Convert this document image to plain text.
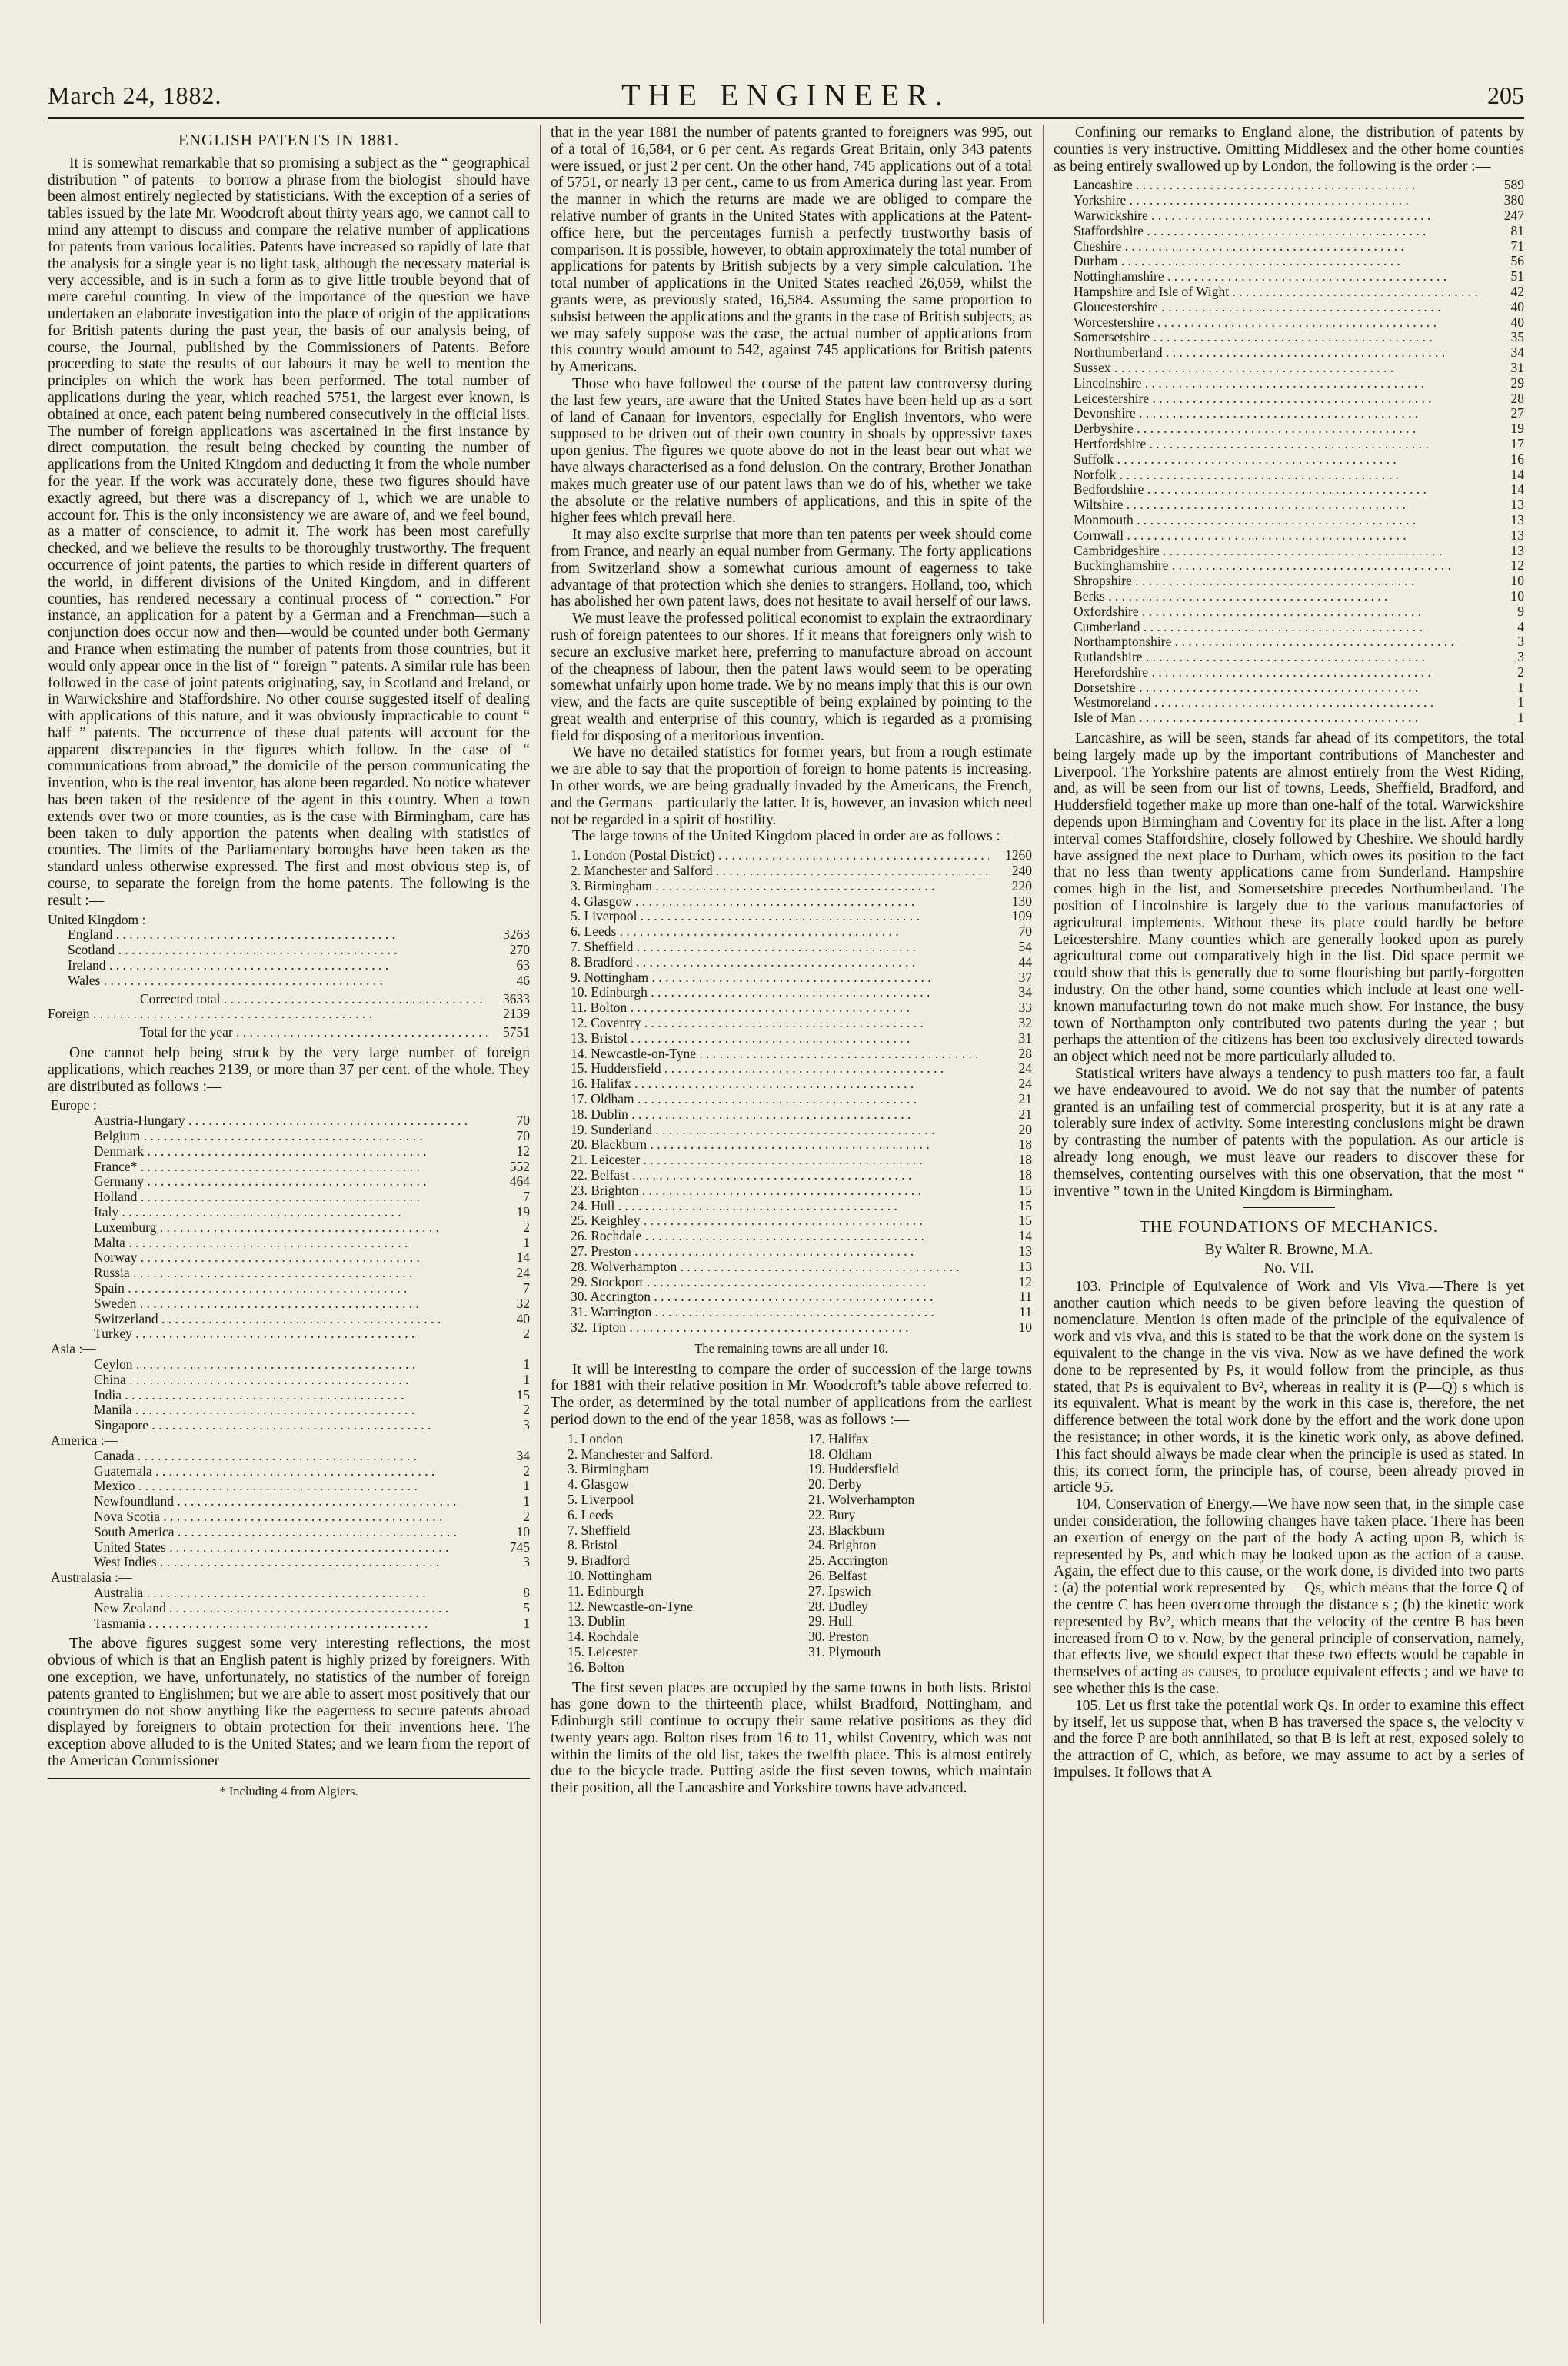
March 24, 1882.	THE ENGINEER.	205
ENGLISH PATENTS IN 1881.

It is somewhat remarkable that so promising a subject as the “ geographical distribution ” of patents—to borrow a phrase from the biologist—should have been almost entirely neglected by statisticians. With the exception of a series of tables issued by the late Mr. Woodcroft about thirty years ago, we cannot call to mind any attempt to discuss and compare the relative number of applications for patents from various localities. Patents have increased so rapidly of late that the analysis for a single year is no light task, although the necessary material is very accessible, and is in such a form as to give little trouble beyond that of mere careful counting. In view of the importance of the question we have undertaken an elaborate investigation into the place of origin of the applications for British patents during the past year, the basis of our analysis being, of course, the Journal, published by the Commissioners of Patents. Before proceeding to state the results of our labours it may be well to mention the principles on which the work has been performed. The total number of applications during the year, which reached 5751, the largest ever known, is obtained at once, each patent being numbered consecutively in the official lists. The number of foreign applications was ascertained in the first instance by direct computation, the result being checked by counting the number of applications from the United Kingdom and deducting it from the whole number for the year. If the work was accurately done, these two figures should have exactly agreed, but there was a discrepancy of 1, which we are unable to account for. This is the only inconsistency we are aware of, and we feel bound, as a matter of conscience, to admit it. The work has been most carefully checked, and we believe the results to be thoroughly trustworthy. The frequent occurrence of joint patents, the parties to which reside in different quarters of the world, in different divisions of the United Kingdom, and in different counties, has rendered necessary a continual process of “ correction.” For instance, an application for a patent by a German and a Frenchman—such a conjunction does occur now and then—would be counted under both Germany and France when estimating the number of patents from those countries, but it would only appear once in the list of “ foreign ” patents. A similar rule has been followed in the case of joint patents originating, say, in Scotland and Ireland, or in Warwickshire and Staffordshire. No other course suggested itself of dealing with applications of this nature, and it was obviously impracticable to count “ half ” patents. The occurrence of these dual patents will account for the apparent discrepancies in the figures which follow. In the case of “ communications from abroad,” the domicile of the person communicating the invention, who is the real inventor, has alone been regarded. No notice whatever has been taken of the residence of the agent in this country. When a town extends over two or more counties, as is the case with Birmingham, care has been taken to duly apportion the patents when dealing with statistics of counties. The limits of the Parliamentary boroughs have been taken as the standard unless otherwise expressed. The first and most obvious step is, of course, to separate the foreign from the home patents. The following is the result :—

United Kingdom :
England . . .	3263
Scotland . . .	270
Ireland . . .	63
Wales . . .	46
Corrected total . . .	3633
Foreign . . .	2139
Total for the year . . .	5751

One cannot help being struck by the very large number of foreign applications, which reaches 2139, or more than 37 per cent. of the whole. They are distributed as follows :—

Europe :—
Austria-Hungary . . .	70
Belgium . . .	70
Denmark . . .	12
France* . . .	552
Germany . . .	464
Holland . . .	7
Italy . . .	19
Luxemburg . . .	2
Malta . . .	1
Norway . . .	14
Russia . . .	24
Spain . . .	7
Sweden . . .	32
Switzerland . . .	40
Turkey . . .	2
Asia :—
Ceylon . . .	1
China . . .	1
India . . .	15
Manila . . .	2
Singapore . . .	3
America :—
Canada . . .	34
Guatemala . . .	2
Mexico . . .	1
Newfoundland . . .	1
Nova Scotia . . .	2
South America . . .	10
United States . . .	745
West Indies . . .	3
Australasia :—
Australia . . .	8
New Zealand . . .	5
Tasmania . . .	1

The above figures suggest some very interesting reflections, the most obvious of which is that an English patent is highly prized by foreigners. With one exception, we have, unfortunately, no statistics of the number of foreign patents granted to Englishmen; but we are able to assert most positively that our countrymen do not show anything like the eagerness to secure patents abroad displayed by foreigners to obtain protection for their inventions here. The exception above alluded to is the United States; and we learn from the report of the American Commissioner

* Including 4 from Algiers.

that in the year 1881 the number of patents granted to foreigners was 995, out of a total of 16,584, or 6 per cent. As regards Great Britain, only 343 patents were issued, or just 2 per cent. On the other hand, 745 applications out of a total of 5751, or nearly 13 per cent., came to us from America during last year. From the manner in which the returns are made we are obliged to compare the relative number of grants in the United States with applications at the Patent-office here, but the percentages furnish a perfectly trustworthy basis of comparison. It is possible, however, to obtain approximately the total number of applications for patents by British subjects by a very simple calculation. The total number of applications in the United States reached 26,059, whilst the grants were, as previously stated, 16,584. Assuming the same proportion to subsist between the applications and the grants in the case of British subjects, as we may safely suppose was the case, the actual number of applications from this country would amount to 542, against 745 applications for British patents by Americans.

Those who have followed the course of the patent law controversy during the last few years, are aware that the United States have been held up as a sort of land of Canaan for inventors, especially for English inventors, who were supposed to be driven out of their own country in shoals by oppressive taxes upon genius. The figures we quote above do not in the least bear out what we have always characterised as a fond delusion. On the contrary, Brother Jonathan makes much greater use of our patent laws than we do of his, whether we take the absolute or the relative numbers of applications, and this in spite of the higher fees which prevail here.

It may also excite surprise that more than ten patents per week should come from France, and nearly an equal number from Germany. The forty applications from Switzerland show a somewhat curious amount of eagerness to take advantage of that protection which she denies to strangers. Holland, too, which has abolished her own patent laws, does not hesitate to avail herself of our laws.

We must leave the professed political economist to explain the extraordinary rush of foreign patentees to our shores. If it means that foreigners only wish to secure an exclusive market here, preferring to manufacture abroad on account of the cheapness of labour, then the patent laws would seem to be operating somewhat unfairly upon home trade. We by no means imply that this is our own view, and the facts are quite susceptible of being explained by pointing to the great wealth and enterprise of this country, which is regarded as a promising field for disposing of a meritorious invention.

We have no detailed statistics for former years, but from a rough estimate we are able to say that the proportion of foreign to home patents is increasing. In other words, we are being gradually invaded by the Americans, the French, and the Germans—particularly the latter. It is, however, an invasion which need not be regarded in a spirit of hostility.

The large towns of the United Kingdom placed in order are as follows :—

1. London (Postal District) . . .	1260
2. Manchester and Salford . . .	240
3. Birmingham . . .	220
4. Glasgow . . .	130
5. Liverpool . . .	109
6. Leeds . . .	70
7. Sheffield . . .	54
8. Bradford . . .	44
9. Nottingham . . .	37
10. Edinburgh . . .	34
11. Bolton . . .	33
12. Coventry . . .	32
13. Bristol . . .	31
14. Newcastle-on-Tyne . . .	28
15. Huddersfield . . .	24
16. Halifax . . .	24
17. Oldham . . .	21
18. Dublin . . .	21
19. Sunderland . . .	20
20. Blackburn . . .	18
21. Leicester . . .	18
22. Belfast . . .	18
23. Brighton . . .	15
24. Hull . . .	15
25. Keighley . . .	15
26. Rochdale . . .	14
27. Preston . . .	13
28. Wolverhampton . . .	13
29. Stockport . . .	12
30. Accrington . . .	11
31. Warrington . . .	11
32. Tipton . . .	10
The remaining towns are all under 10.

It will be interesting to compare the order of succession of the large towns for 1881 with their relative position in Mr. Woodcroft’s table above referred to. The order, as determined by the total number of applications from the earliest period down to the end of the year 1858, was as follows :—

1. London
2. Manchester and Salford.
3. Birmingham
4. Glasgow
5. Liverpool
6. Leeds
7. Sheffield
8. Bristol
9. Bradford
10. Nottingham
11. Edinburgh
12. Newcastle-on-Tyne
13. Dublin
14. Rochdale
15. Leicester
16. Bolton
17. Halifax
18. Oldham
19. Huddersfield
20. Derby
21. Wolverhampton
22. Bury
23. Blackburn
24. Brighton
25. Accrington
26. Belfast
27. Ipswich
28. Dudley
29. Hull
30. Preston
31. Plymouth

The first seven places are occupied by the same towns in both lists. Bristol has gone down to the thirteenth place, whilst Bradford, Nottingham, and Edinburgh still continue to occupy their same relative positions as they did twenty years ago. Bolton rises from 16 to 11, whilst Coventry, which was not within the limits of the old list, takes the twelfth place. This is almost entirely due to the bicycle trade. Putting aside the first seven towns, which maintain their position, all the Lancashire and Yorkshire towns have advanced.

Confining our remarks to England alone, the distribution of patents by counties is very instructive. Omitting Middlesex and the other home counties as being entirely swallowed up by London, the following is the order :—

Lancashire . . .	589
Yorkshire . . .	380
Warwickshire . . .	247
Staffordshire . . .	81
Cheshire . . .	71
Durham . . .	56
Nottinghamshire . . .	51
Hampshire and Isle of Wight . . .	42
Gloucestershire . . .	40
Worcestershire . . .	40
Somersetshire . . .	35
Northumberland . . .	34
Sussex . . .	31
Lincolnshire . . .	29
Leicestershire . . .	28
Devonshire . . .	27
Derbyshire . . .	19
Hertfordshire . . .	17
Suffolk . . .	16
Norfolk . . .	14
Bedfordshire . . .	14
Wiltshire . . .	13
Monmouth . . .	13
Cornwall . . .	13
Cambridgeshire . . .	13
Buckinghamshire . . .	12
Shropshire . . .	10
Berks . . .	10
Oxfordshire . . .	9
Cumberland . . .	4
Northamptonshire . . .	3
Rutlandshire . . .	3
Herefordshire . . .	2
Dorsetshire . . .	1
Westmoreland . . .	1
Isle of Man . . .	1

Lancashire, as will be seen, stands far ahead of its competitors, the total being largely made up by the important contributions of Manchester and Liverpool. The Yorkshire patents are almost entirely from the West Riding, and, as will be seen from our list of towns, Leeds, Sheffield, Bradford, and Huddersfield together make up more than one-half of the total. Warwickshire depends upon Birmingham and Coventry for its place in the list. After a long interval comes Staffordshire, closely followed by Cheshire. We should hardly have assigned the next place to Durham, which owes its position to the fact that no less than twenty applications came from Sunderland. Hampshire comes high in the list, and Somersetshire precedes Northumberland. The position of Lincolnshire is largely due to the various manufactories of agricultural implements. Without these its place could hardly be before Leicestershire. Many counties which are generally looked upon as purely agricultural come out comparatively high in the list. Did space permit we could show that this is generally due to some flourishing but partly-forgotten industry. On the other hand, some counties which include at least one well-known manufacturing town do not make much show. For instance, the busy town of Northampton only contributed two patents during the year ; but perhaps the attention of the citizens has been too exclusively directed towards an object which need not be more particularly alluded to.

Statistical writers have always a tendency to push matters too far, a fault we have endeavoured to avoid. We do not say that the number of patents granted is an unfailing test of commercial prosperity, but it is at any rate a tolerably sure index of activity. Some interesting conclusions might be drawn by contrasting the number of patents with the population. As our article is already long enough, we must leave our readers to discover these for themselves, contenting ourselves with this one observation, that the most “ inventive ” town in the United Kingdom is Birmingham.

THE FOUNDATIONS OF MECHANICS.
By Walter R. Browne, M.A.
No. VII.

103. Principle of Equivalence of Work and Vis Viva.—There is yet another caution which needs to be given before leaving the question of nomenclature. Mention is often made of the principle of the equivalence of work and vis viva, and this is stated to be that the work done on the system is equivalent to the change in the vis viva. Now as we have defined the work done to be represented by Ps, it would follow from the principle, as thus stated, that Ps is equivalent to Bv², whereas in reality it is (P—Q) s which is its equivalent. What is meant by the work in this case is, therefore, the net difference between the total work done by the effort and the work done upon the resistance; in other words, it is the kinetic work only, as above defined. This fact should always be made clear when the principle is used as stated. In this, its correct form, the principle has, of course, been already proved in article 95.

104. Conservation of Energy.—We have now seen that, in the simple case under consideration, the following changes have taken place. There has been an exertion of energy on the part of the body A acting upon B, which is represented by Ps, and which may be looked upon as the action of a cause. Again, the effect due to this cause, or the work done, is divided into two parts : (a) the potential work represented by —Qs, which means that the force Q of the centre C has been overcome through the distance s ; (b) the kinetic work represented by Bv², which means that the velocity of the centre B has been increased from O to v. Now, by the general principle of conservation, namely, that effects live, we should expect that these two effects would be capable in themselves of acting as causes, to produce equivalent effects ; and we have to see whether this is the case.

105. Let us first take the potential work Qs. In order to examine this effect by itself, let us suppose that, when B has traversed the space s, the velocity v and the force P are both annihilated, so that B is left at rest, exposed solely to the attraction of C, which, as before, we may assume to act by a series of impulses. It follows that A
